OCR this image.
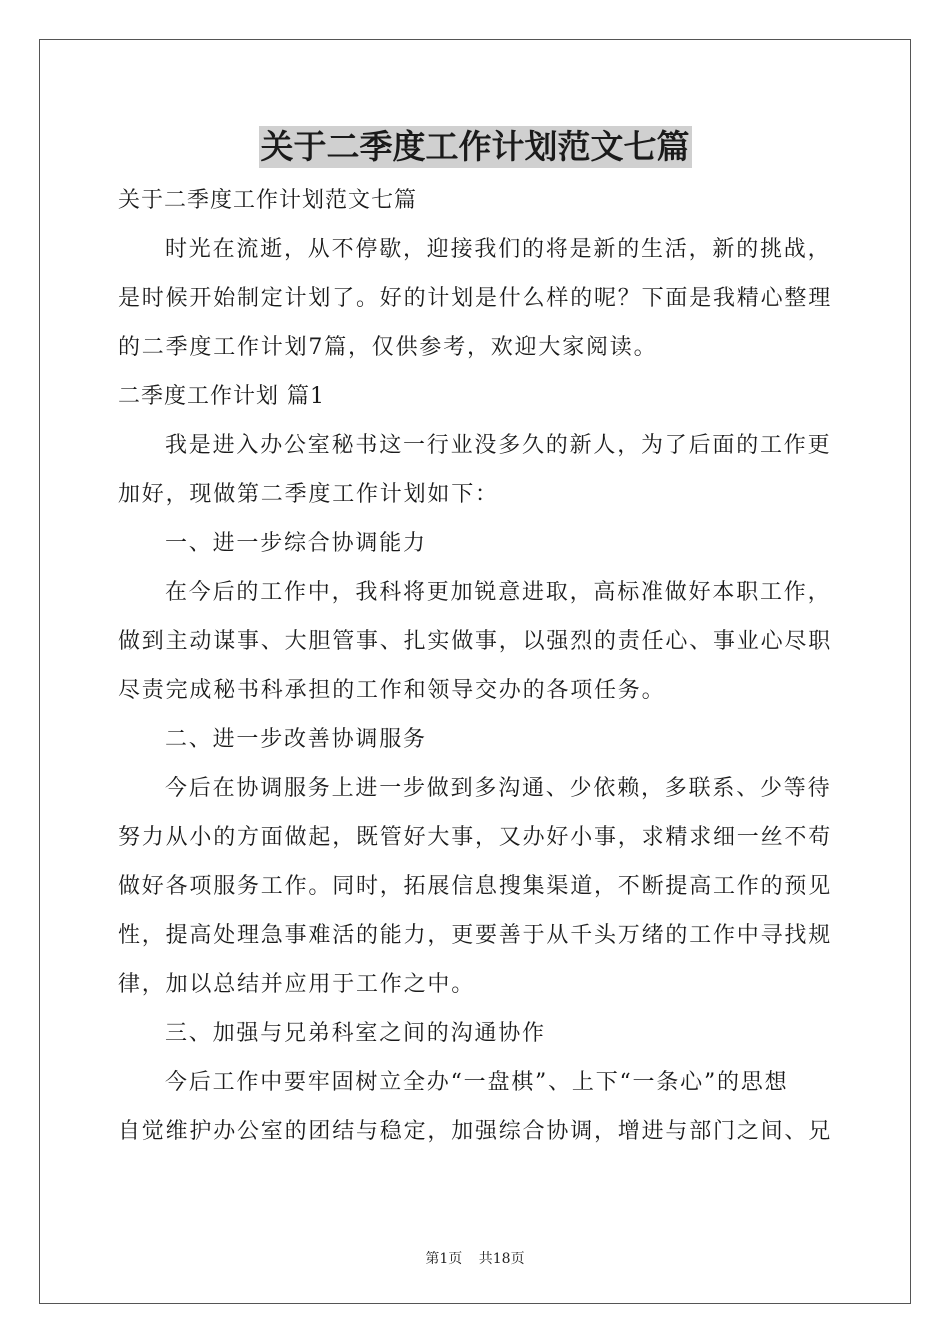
关于二季度工作计划范文七篇
关于二季度工作计划范文七篇
时光在流逝，从不停歇，迎接我们的将是新的生活，新的挑战，
是时候开始制定计划了。好的计划是什么样的呢？下面是我精心整理
的二季度工作计划7篇，仅供参考，欢迎大家阅读。
二季度工作计划 篇1
我是进入办公室秘书这一行业没多久的新人，为了后面的工作更
加好，现做第二季度工作计划如下：
一、进一步综合协调能力
在今后的工作中，我科将更加锐意进取，高标准做好本职工作，
做到主动谋事、大胆管事、扎实做事，以强烈的责任心、事业心尽职
尽责完成秘书科承担的工作和领导交办的各项任务。
二、进一步改善协调服务
今后在协调服务上进一步做到多沟通、少依赖，多联系、少等待
努力从小的方面做起，既管好大事，又办好小事，求精求细一丝不苟
做好各项服务工作。同时，拓展信息搜集渠道，不断提高工作的预见
性，提高处理急事难活的能力，更要善于从千头万绪的工作中寻找规
律，加以总结并应用于工作之中。
三、加强与兄弟科室之间的沟通协作
今后工作中要牢固树立全办“一盘棋”、上下“一条心”的思想
自觉维护办公室的团结与稳定，加强综合协调，增进与部门之间、兄
第1页 共18页
